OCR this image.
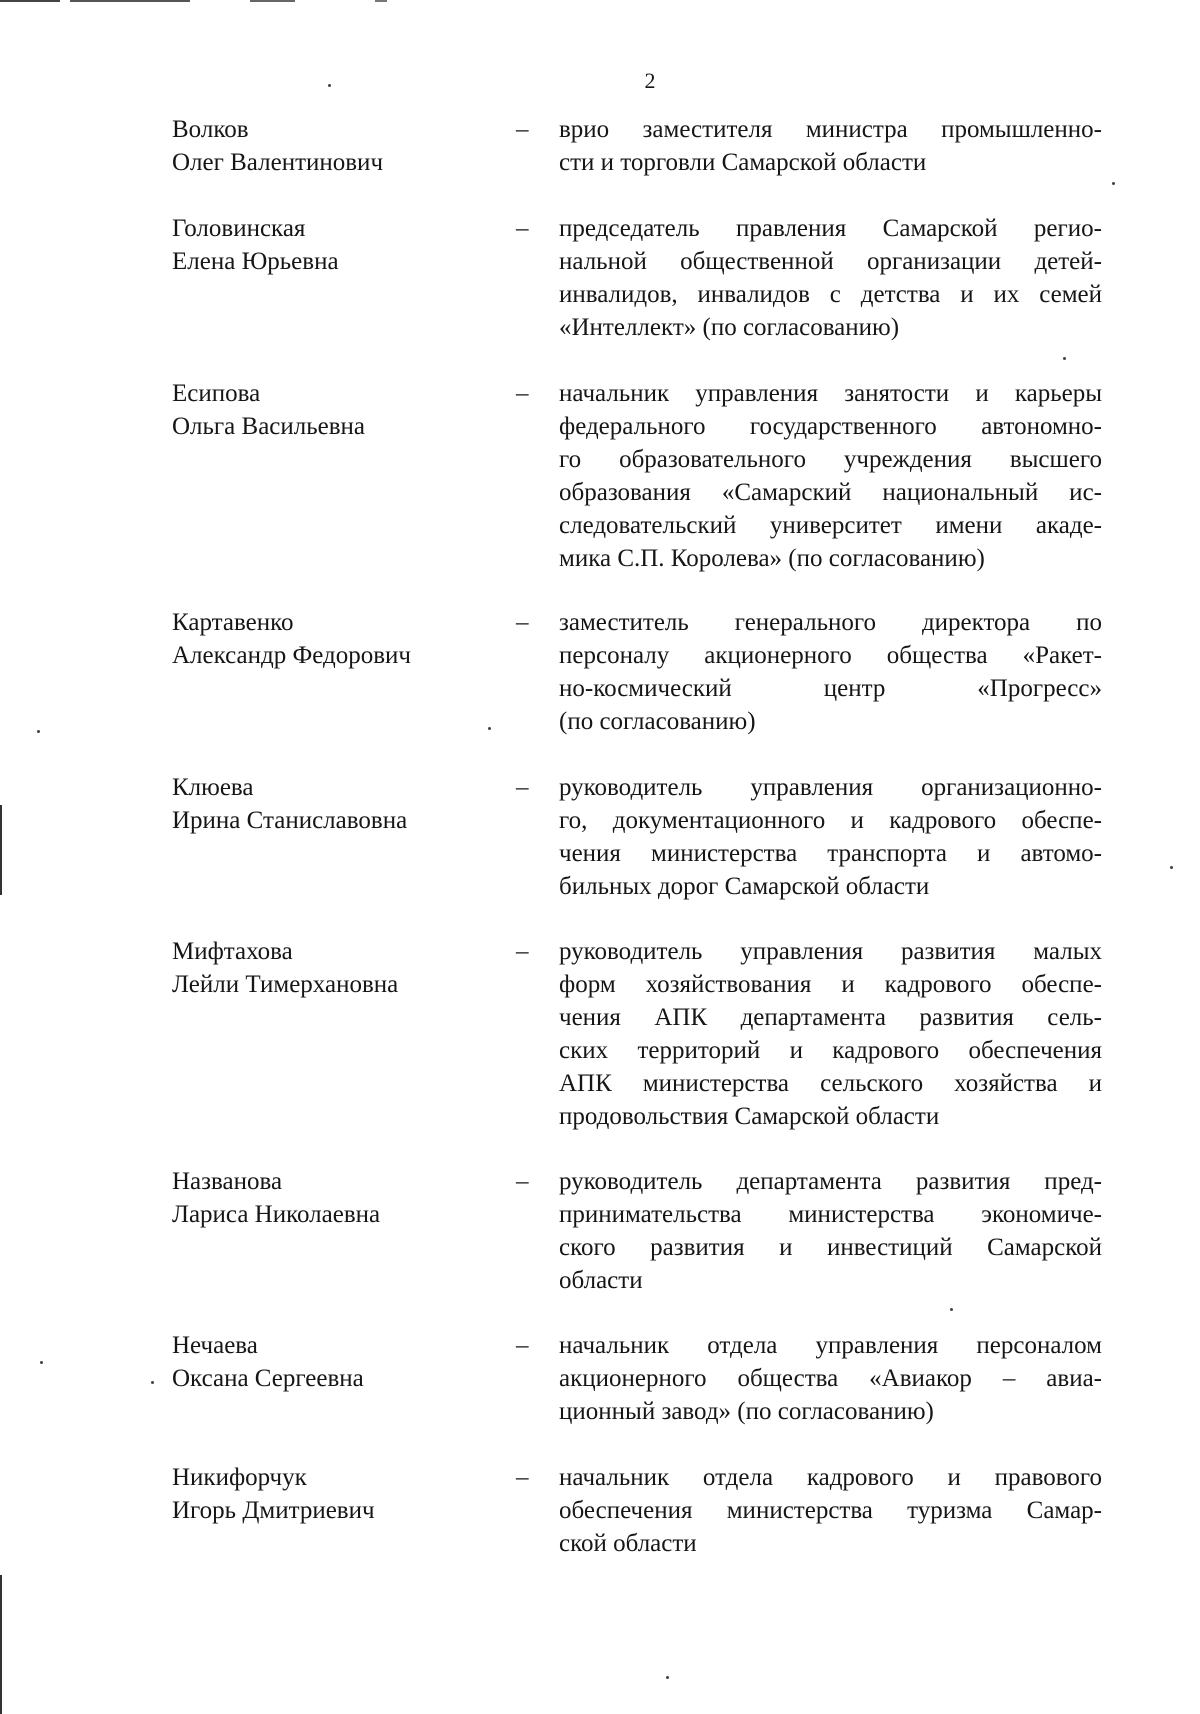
2
Волков
Олег Валентинович
– врио заместителя министра промышленно-
сти и торговли Самарской области
Головинская
Елена Юрьевна
– председатель правления Самарской регио-
нальной общественной организации детей-
инвалидов, инвалидов с детства и их семей
«Интеллект» (по согласованию)
Есипова
Ольга Васильевна
– начальник управления занятости и карьеры
федерального государственного автономно-
го образовательного учреждения высшего
образования «Самарский национальный ис-
следовательский университет имени акаде-
мика С.П. Королева» (по согласованию)
Картавенко
Александр Федорович
– заместитель генерального директора по
персоналу акционерного общества «Ракет-
но-космический центр «Прогресс»
(по согласованию)
Клюева
Ирина Станиславовна
– руководитель управления организационно-
го, документационного и кадрового обеспе-
чения министерства транспорта и автомо-
бильных дорог Самарской области
Мифтахова
Лейли Тимерхановна
– руководитель управления развития малых
форм хозяйствования и кадрового обеспе-
чения АПК департамента развития сель-
ских территорий и кадрового обеспечения
АПК министерства сельского хозяйства и
продовольствия Самарской области
Названова
Лариса Николаевна
– руководитель департамента развития пред-
принимательства министерства экономиче-
ского развития и инвестиций Самарской
области
Нечаева
Оксана Сергеевна
– начальник отдела управления персоналом
акционерного общества «Авиакор – авиа-
ционный завод» (по согласованию)
Никифорчук
Игорь Дмитриевич
– начальник отдела кадрового и правового
обеспечения министерства туризма Самар-
ской области
